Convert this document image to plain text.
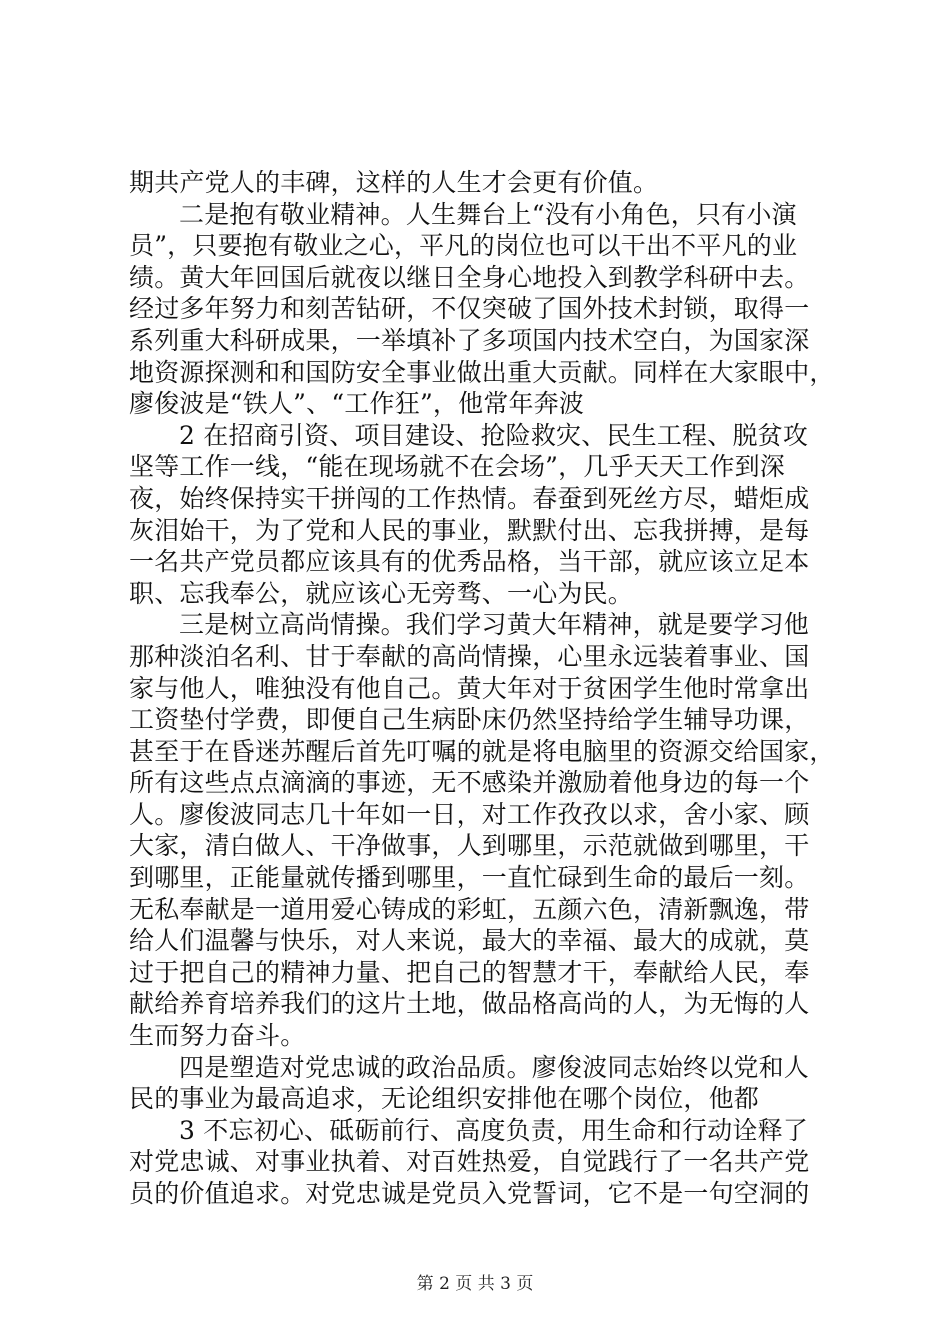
期共产党人的丰碑，这样的人生才会更有价值。
二是抱有敬业精神。人生舞台上“没有小角色，只有小演
员”，只要抱有敬业之心，平凡的岗位也可以干出不平凡的业
绩。黄大年回国后就夜以继日全身心地投入到教学科研中去。
经过多年努力和刻苦钻研，不仅突破了国外技术封锁，取得一
系列重大科研成果，一举填补了多项国内技术空白，为国家深
地资源探测和和国防安全事业做出重大贡献。同样在大家眼中，
廖俊波是“铁人”、“工作狂”，他常年奔波
2 在招商引资、项目建设、抢险救灾、民生工程、脱贫攻
坚等工作一线，“能在现场就不在会场”，几乎天天工作到深
夜，始终保持实干拼闯的工作热情。春蚕到死丝方尽，蜡炬成
灰泪始干，为了党和人民的事业，默默付出、忘我拼搏，是每
一名共产党员都应该具有的优秀品格，当干部，就应该立足本
职、忘我奉公，就应该心无旁骛、一心为民。
三是树立高尚情操。我们学习黄大年精神，就是要学习他
那种淡泊名利、甘于奉献的高尚情操，心里永远装着事业、国
家与他人，唯独没有他自己。黄大年对于贫困学生他时常拿出
工资垫付学费，即便自己生病卧床仍然坚持给学生辅导功课，
甚至于在昏迷苏醒后首先叮嘱的就是将电脑里的资源交给国家，
所有这些点点滴滴的事迹，无不感染并激励着他身边的每一个
人。廖俊波同志几十年如一日，对工作孜孜以求，舍小家、顾
大家，清白做人、干净做事，人到哪里，示范就做到哪里，干
到哪里，正能量就传播到哪里，一直忙碌到生命的最后一刻。
无私奉献是一道用爱心铸成的彩虹，五颜六色，清新飘逸，带
给人们温馨与快乐，对人来说，最大的幸福、最大的成就，莫
过于把自己的精神力量、把自己的智慧才干，奉献给人民，奉
献给养育培养我们的这片土地，做品格高尚的人，为无悔的人
生而努力奋斗。
四是塑造对党忠诚的政治品质。廖俊波同志始终以党和人
民的事业为最高追求，无论组织安排他在哪个岗位，他都
3 不忘初心、砥砺前行、高度负责，用生命和行动诠释了
对党忠诚、对事业执着、对百姓热爱，自觉践行了一名共产党
员的价值追求。对党忠诚是党员入党誓词，它不是一句空洞的
第 2 页 共 3 页
